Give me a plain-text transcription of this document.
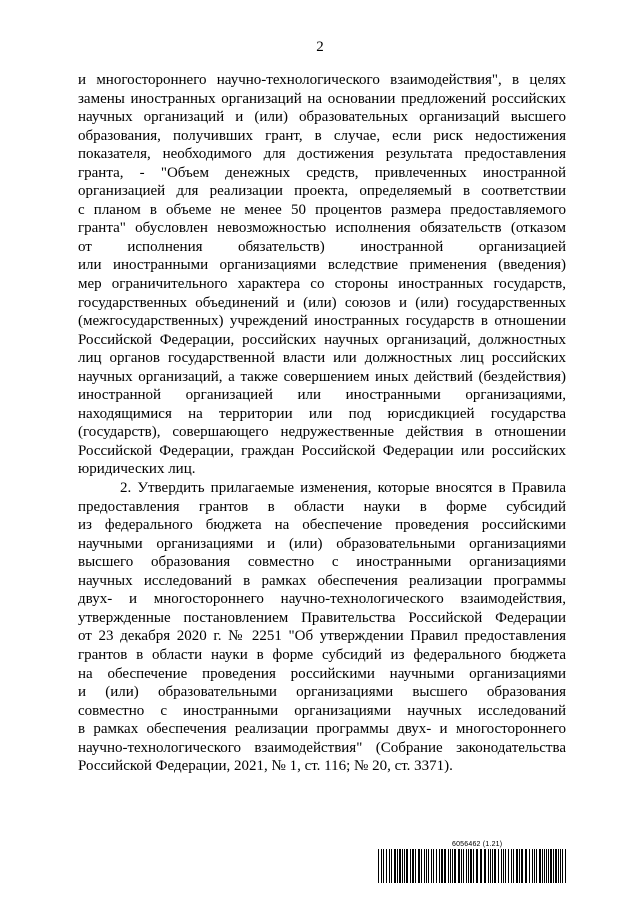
2
и многостороннего научно-технологического взаимодействия", в целях
замены иностранных организаций на основании предложений российских
научных организаций и (или) образовательных организаций высшего
образования, получивших грант, в случае, если риск недостижения
показателя, необходимого для достижения результата предоставления
гранта, - "Объем денежных средств, привлеченных иностранной
организацией для реализации проекта, определяемый в соответствии
с планом в объеме не менее 50 процентов размера предоставляемого
гранта" обусловлен невозможностью исполнения обязательств (отказом
от исполнения обязательств) иностранной организацией
или иностранными организациями вследствие применения (введения)
мер ограничительного характера со стороны иностранных государств,
государственных объединений и (или) союзов и (или) государственных
(межгосударственных) учреждений иностранных государств в отношении
Российской Федерации, российских научных организаций, должностных
лиц органов государственной власти или должностных лиц российских
научных организаций, а также совершением иных действий (бездействия)
иностранной организацией или иностранными организациями,
находящимися на территории или под юрисдикцией государства
(государств), совершающего недружественные действия в отношении
Российской Федерации, граждан Российской Федерации или российских
юридических лиц.
2. Утвердить прилагаемые изменения, которые вносятся в Правила
предоставления грантов в области науки в форме субсидий
из федерального бюджета на обеспечение проведения российскими
научными организациями и (или) образовательными организациями
высшего образования совместно с иностранными организациями
научных исследований в рамках обеспечения реализации программы
двух- и многостороннего научно-технологического взаимодействия,
утвержденные постановлением Правительства Российской Федерации
от 23 декабря 2020 г. № 2251 "Об утверждении Правил предоставления
грантов в области науки в форме субсидий из федерального бюджета
на обеспечение проведения российскими научными организациями
и (или) образовательными организациями высшего образования
совместно с иностранными организациями научных исследований
в рамках обеспечения реализации программы двух- и многостороннего
научно-технологического взаимодействия" (Собрание законодательства
Российской Федерации, 2021, № 1, ст. 116; № 20, ст. 3371).
6056462 (1.21)
